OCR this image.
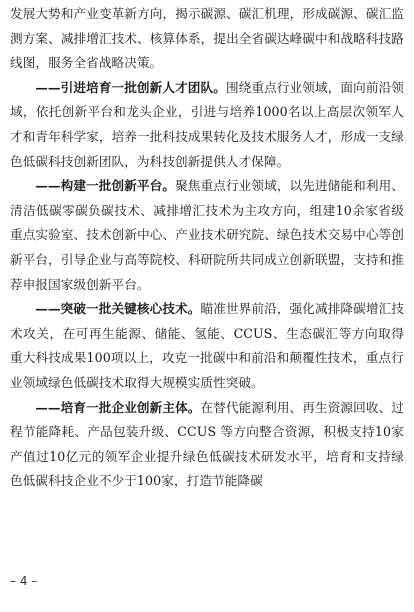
发展大势和产业变革新方向，揭示碳源、碳汇机理，形成碳源、碳汇监测方案、减排增汇技术、核算体系，提出全省碳达峰碳中和战略科技路线图，服务全省战略决策。

——引进培育一批创新人才团队。围绕重点行业领域，面向前沿领域，依托创新平台和龙头企业，引进与培养1000名以上高层次领军人才和青年科学家，培养一批科技成果转化及技术服务人才，形成一支绿色低碳科技创新团队，为科技创新提供人才保障。

——构建一批创新平台。聚焦重点行业领域，以先进储能和利用、清洁低碳零碳负碳技术、减排增汇技术为主攻方向，组建10余家省级重点实验室、技术创新中心、产业技术研究院、绿色技术交易中心等创新平台，引导企业与高等院校、科研院所共同成立创新联盟，支持和推荐申报国家级创新平台。

——突破一批关键核心技术。瞄准世界前沿，强化减排降碳增汇技术攻关，在可再生能源、储能、氢能、CCUS、生态碳汇等方向取得重大科技成果100项以上，攻克一批碳中和前沿和颠覆性技术，重点行业领域绿色低碳技术取得大规模实质性突破。

——培育一批企业创新主体。在替代能源利用、再生资源回收、过程节能降耗、产品包装升级、CCUS 等方向整合资源，积极支持10家产值过10亿元的领军企业提升绿色低碳技术研发水平，培育和支持绿色低碳科技企业不少于100家，打造节能降碳

– 4 –
